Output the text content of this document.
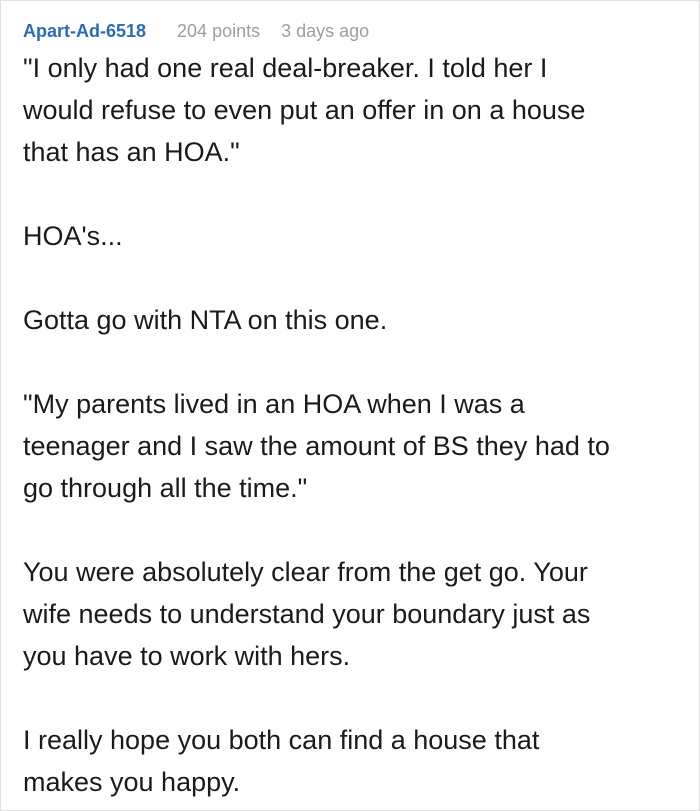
Apart-Ad-6518 204 points 3 days ago
"I only had one real deal-breaker. I told her I
would refuse to even put an offer in on a house
that has an HOA."
HOA's...
Gotta go with NTA on this one.
"My parents lived in an HOA when I was a
teenager and I saw the amount of BS they had to
go through all the time."
You were absolutely clear from the get go. Your
wife needs to understand your boundary just as
you have to work with hers.
I really hope you both can find a house that
makes you happy.
